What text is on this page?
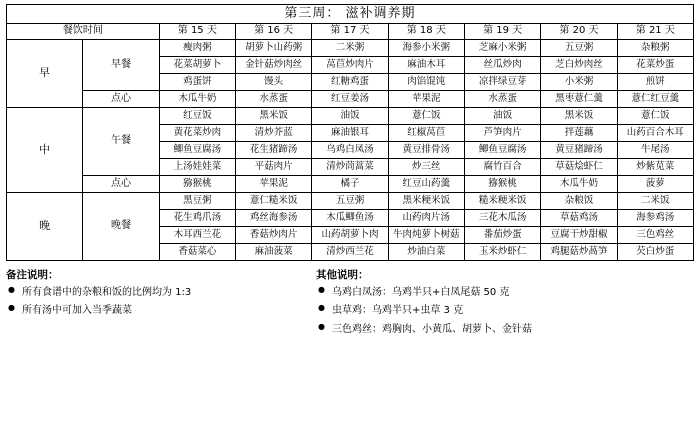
第三周： 滋补调养期								
餐饮时间		第 15 天	第 16 天	第 17 天	第 18 天	第 19 天	第 20 天	第 21 天
早	早餐	瘦肉粥	胡萝卜山药粥	二米粥	海参小米粥	芝麻小米粥	五豆粥	杂粮粥
		花菜胡萝卜	金针菇炒肉丝	莴苣炒肉片	麻油木耳	丝瓜炒肉	芝白炒肉丝	花菜炒蛋
		鸡蛋饼	馒头	红糖鸡蛋	肉馅馄饨	凉拌绿豆芽	小米粥	煎饼
	点心	木瓜牛奶	水蒸蛋	红豆姜汤	苹果泥	水蒸蛋	黑枣薏仁羹	薏仁红豆羹
中	午餐	红豆饭	黑米饭	油饭	薏仁饭	油饭	黑米饭	薏仁饭
		黄花菜炒肉	清炒芥蓝	麻油银耳	红椒莴苣	芦笋肉片	拌莲藕	山药百合木耳
		鲫鱼豆腐汤	花生猪蹄汤	乌鸡白凤汤	黄豆排骨汤	鲫鱼豆腐汤	黄豆猪蹄汤	牛尾汤
		上汤娃娃菜	平菇肉片	清炒茼蒿菜	炒三丝	腐竹百合	草菇烩虾仁	炒紫苋菜
	点心	猕猴桃	苹果泥	橘子	红豆山药羹	猕猴桃	木瓜牛奶	菠萝
晚	晚餐	黑豆粥	薏仁糙米饭	五豆粥	黑米粳米饭	糙米粳米饭	杂粮饭	二米饭
		花生鸡爪汤	鸡丝海参汤	木瓜鲫鱼汤	山药肉片汤	三花木瓜汤	草菇鸡汤	海参鸡汤
		木耳西兰花	香菇炒肉片	山药胡萝卜肉	牛肉炖萝卜树菇	番茄炒蛋	豆腐干炒甜椒	三色鸡丝
		香菇菜心	麻油菠菜	清炒西兰花	炒油白菜	玉米炒虾仁	鸡腿菇炒萵笋	芡白炒蛋
备注说明：
● 所有食谱中的杂粮和饭的比例均为 1:3
● 所有汤中可加入当季蔬菜
其他说明：
● 乌鸡白凤汤：乌鸡半只+白凤尾菇 50 克
● 虫草鸡：乌鸡半只+虫草 3 克
● 三色鸡丝：鸡胸肉、小黄瓜、胡萝卜、金针菇
